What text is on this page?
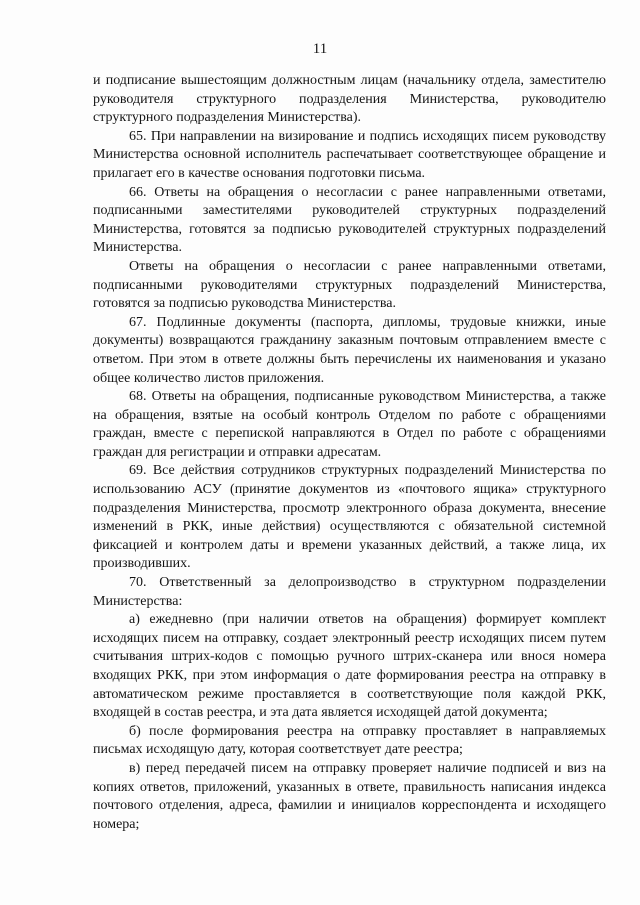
11

и подписание вышестоящим должностным лицам (начальнику отдела, заместителю руководителя структурного подразделения Министерства, руководителю структурного подразделения Министерства).

65. При направлении на визирование и подпись исходящих писем руководству Министерства основной исполнитель распечатывает соответствующее обращение и прилагает его в качестве основания подготовки письма.

66. Ответы на обращения о несогласии с ранее направленными ответами, подписанными заместителями руководителей структурных подразделений Министерства, готовятся за подписью руководителей структурных подразделений Министерства.

Ответы на обращения о несогласии с ранее направленными ответами, подписанными руководителями структурных подразделений Министерства, готовятся за подписью руководства Министерства.

67. Подлинные документы (паспорта, дипломы, трудовые книжки, иные документы) возвращаются гражданину заказным почтовым отправлением вместе с ответом. При этом в ответе должны быть перечислены их наименования и указано общее количество листов приложения.

68. Ответы на обращения, подписанные руководством Министерства, а также на обращения, взятые на особый контроль Отделом по работе с обращениями граждан, вместе с перепиской направляются в Отдел по работе с обращениями граждан для регистрации и отправки адресатам.

69. Все действия сотрудников структурных подразделений Министерства по использованию АСУ (принятие документов из «почтового ящика» структурного подразделения Министерства, просмотр электронного образа документа, внесение изменений в РКК, иные действия) осуществляются с обязательной системной фиксацией и контролем даты и времени указанных действий, а также лица, их производивших.

70. Ответственный за делопроизводство в структурном подразделении Министерства:

а) ежедневно (при наличии ответов на обращения) формирует комплект исходящих писем на отправку, создает электронный реестр исходящих писем путем считывания штрих-кодов с помощью ручного штрих-сканера или внося номера входящих РКК, при этом информация о дате формирования реестра на отправку в автоматическом режиме проставляется в соответствующие поля каждой РКК, входящей в состав реестра, и эта дата является исходящей датой документа;

б) после формирования реестра на отправку проставляет в направляемых письмах исходящую дату, которая соответствует дате реестра;

в) перед передачей писем на отправку проверяет наличие подписей и виз на копиях ответов, приложений, указанных в ответе, правильность написания индекса почтового отделения, адреса, фамилии и инициалов корреспондента и исходящего номера;
